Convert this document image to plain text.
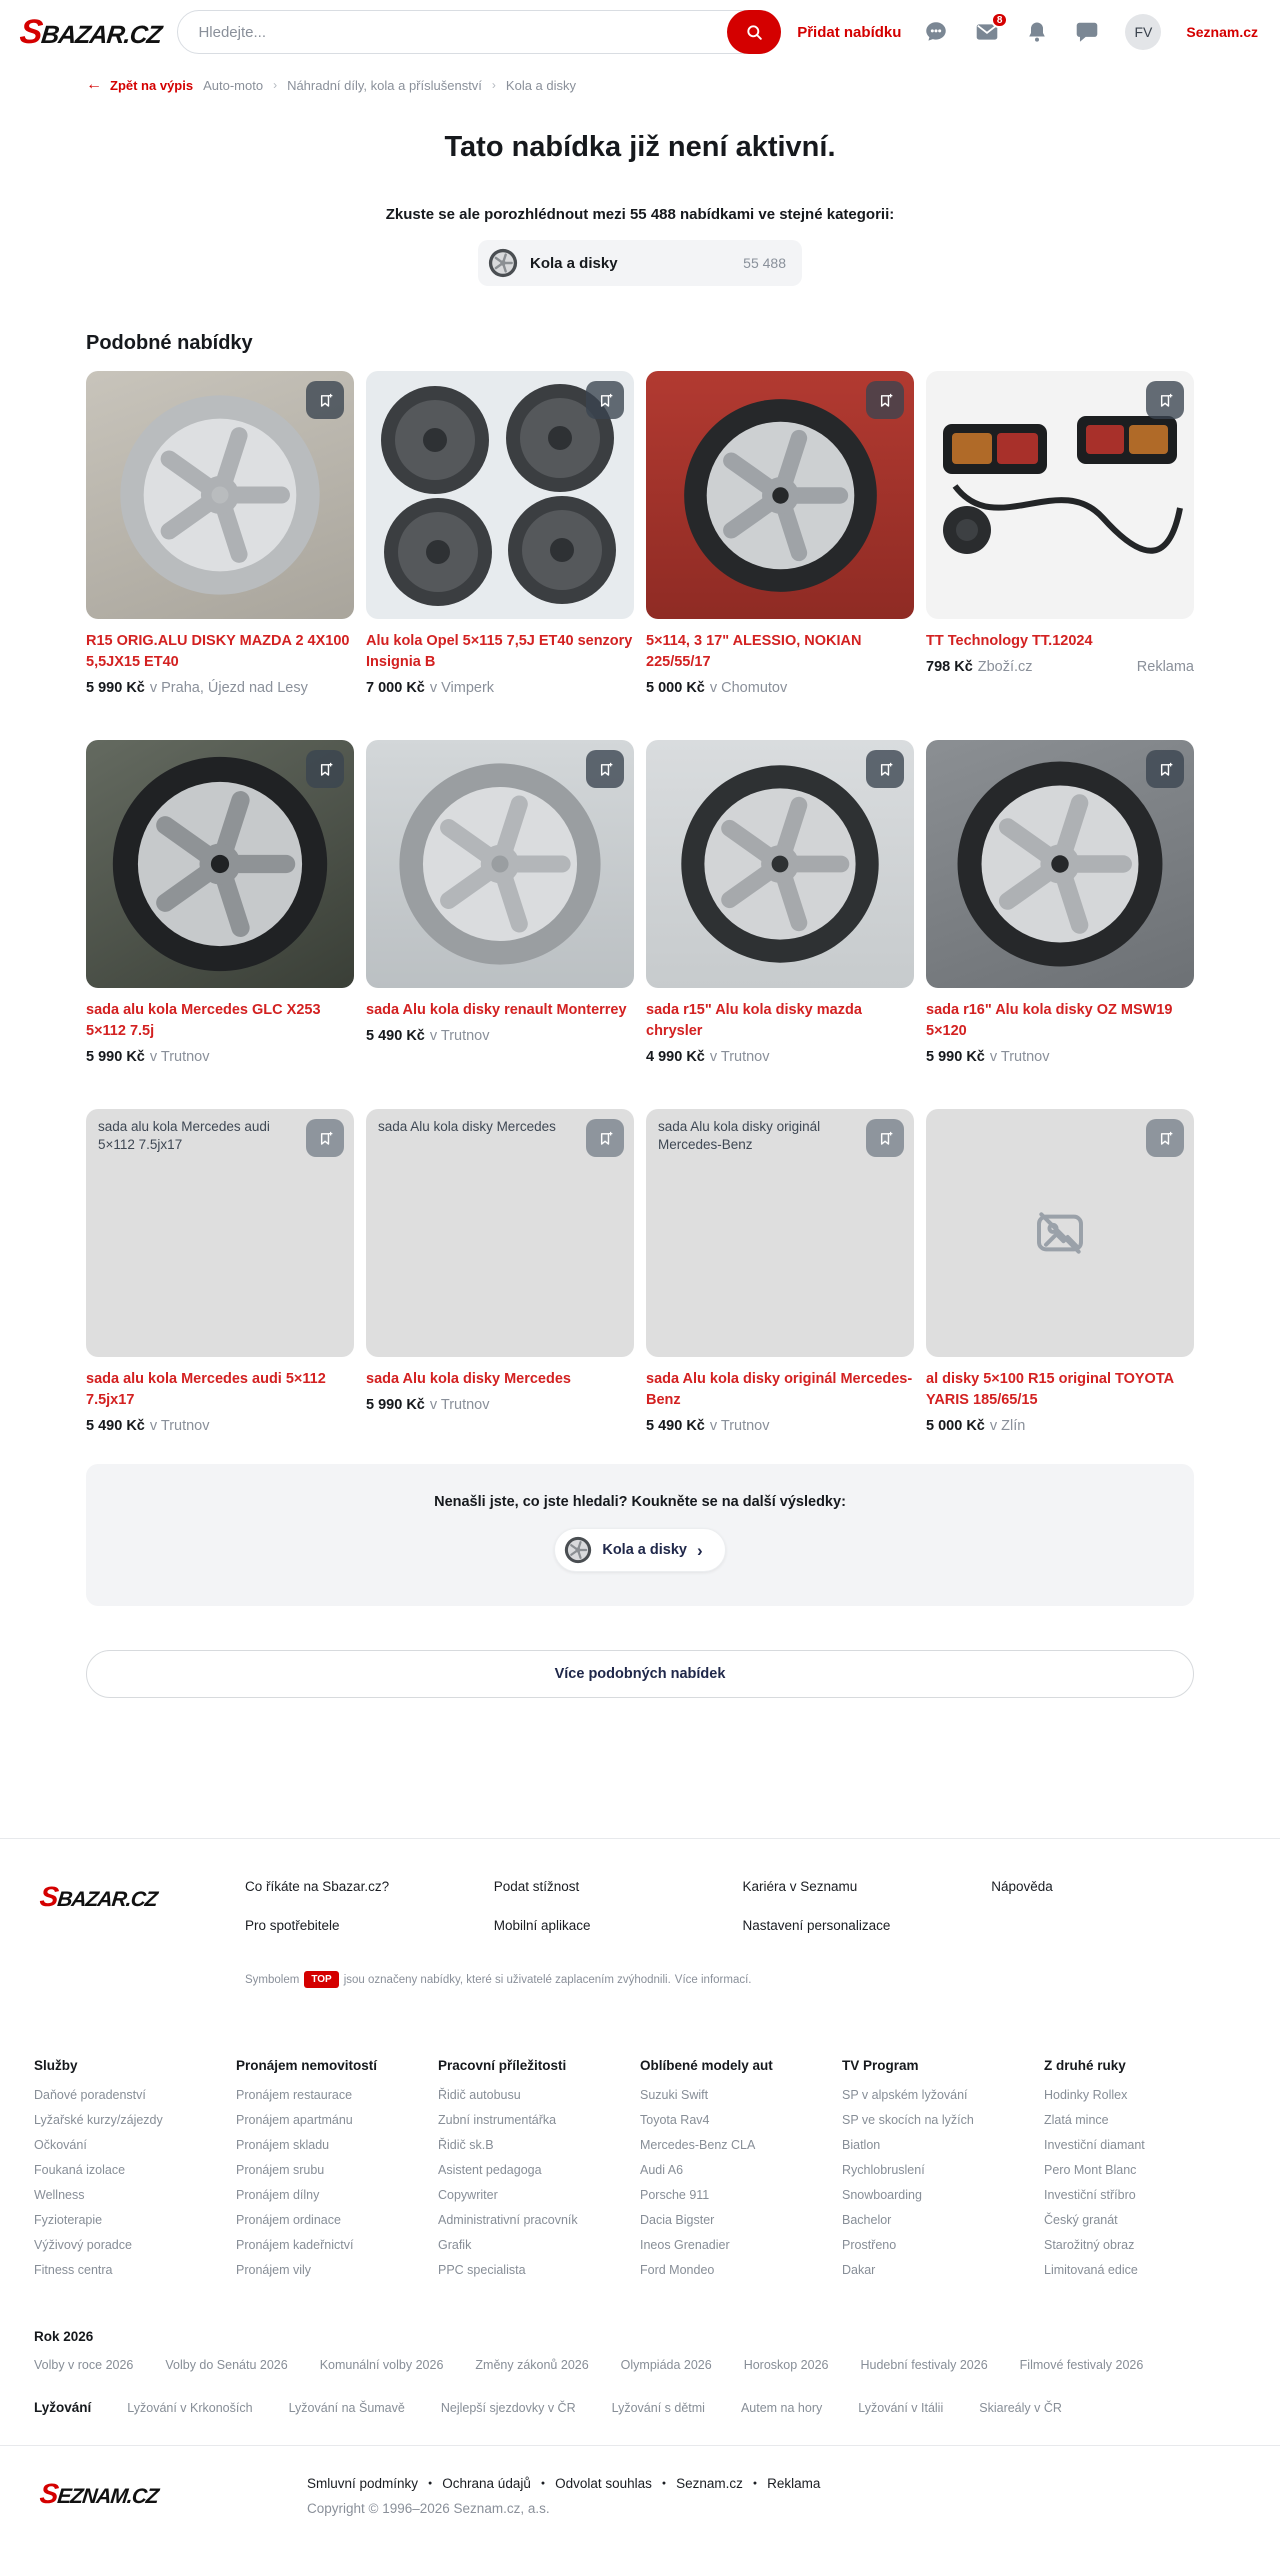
S
BAZAR.CZ
Hledejte...	Přidat nabídku
8
FV	Seznam.cz
← Zpět na výpis Auto-moto › Náhradní díly, kola a příslušenství › Kola a disky
Tato nabídka již není aktivní.

Zkuste se ale porozhlédnout mezi 55 488 nabídkami ve stejné kategorii:

Kola a disky	55 488
Podobné nabídky
R15 ORIG.ALU DISKY MAZDA 2 4X100 5,5JX15 ET40
5 990 Kč v Praha, Újezd nad Lesy
Alu kola Opel 5×115 7,5J ET40 senzory Insignia B
7 000 Kč v Vimperk
5×114, 3 17" ALESSIO, NOKIAN 225/55/17
5 000 Kč v Chomutov
TT Technology TT.12024
798 Kč Zboží.cz	Reklama
sada alu kola Mercedes GLC X253 5×112 7.5j
5 990 Kč v Trutnov
sada Alu kola disky renault Monterrey
5 490 Kč v Trutnov
sada r15" Alu kola disky mazda chrysler
4 990 Kč v Trutnov
sada r16" Alu kola disky OZ MSW19 5×120
5 990 Kč v Trutnov
sada alu kola Mercedes audi 5×112 7.5jx17
sada alu kola Mercedes audi 5×112 7.5jx17
5 490 Kč v Trutnov
sada Alu kola disky Mercedes
sada Alu kola disky Mercedes
5 990 Kč v Trutnov
sada Alu kola disky originál Mercedes-Benz
sada Alu kola disky originál Mercedes-Benz
5 490 Kč v Trutnov
al disky 5×100 R15 original TOYOTA YARIS 185/65/15
5 000 Kč v Zlín
Nenašli jste, co jste hledali? Koukněte se na další výsledky:
Kola a disky ›
Více podobných nabídek
S
BAZAR.CZ
Co říkáte na Sbazar.cz?	Podat stížnost	Kariéra v Seznamu	Nápověda
Pro spotřebitele	Mobilní aplikace	Nastavení personalizace
Symbolem	TOP	jsou označeny nabídky, které si uživatelé zaplacením zvýhodnili. Více informací.
Služby
Daňové poradenství
Lyžařské kurzy/zájezdy
Očkování
Foukaná izolace
Wellness
Fyzioterapie
Výživový poradce
Fitness centra
Pronájem nemovitostí
Pronájem restaurace
Pronájem apartmánu
Pronájem skladu
Pronájem srubu
Pronájem dílny
Pronájem ordinace
Pronájem kadeřnictví
Pronájem vily
Pracovní příležitosti
Řidič autobusu
Zubní instrumentářka
Řidič sk.B
Asistent pedagoga
Copywriter
Administrativní pracovník
Grafik
PPC specialista
Oblíbené modely aut
Suzuki Swift
Toyota Rav4
Mercedes-Benz CLA
Audi A6
Porsche 911
Dacia Bigster
Ineos Grenadier
Ford Mondeo
TV Program
SP v alpském lyžování
SP ve skocích na lyžích
Biatlon
Rychlobruslení
Snowboarding
Bachelor
Prostřeno
Dakar
Z druhé ruky
Hodinky Rollex
Zlatá mince
Investiční diamant
Pero Mont Blanc
Investiční stříbro
Český granát
Starožitný obraz
Limitovaná edice
Rok 2026
Volby v roce 2026	Volby do Senátu 2026	Komunální volby 2026	Změny zákonů 2026	Olympiáda 2026	Horoskop 2026	Hudební festivaly 2026	Filmové festivaly 2026
Lyžování	Lyžování v Krkonoších	Lyžování na Šumavě	Nejlepší sjezdovky v ČR	Lyžování s dětmi	Autem na hory	Lyžování v Itálii	Skiareály v ČR
S
EZNAM.CZ
Smluvní podmínky ● Ochrana údajů ● Odvolat souhlas ● Seznam.cz ● Reklama
Copyright © 1996–2026 Seznam.cz, a.s.
